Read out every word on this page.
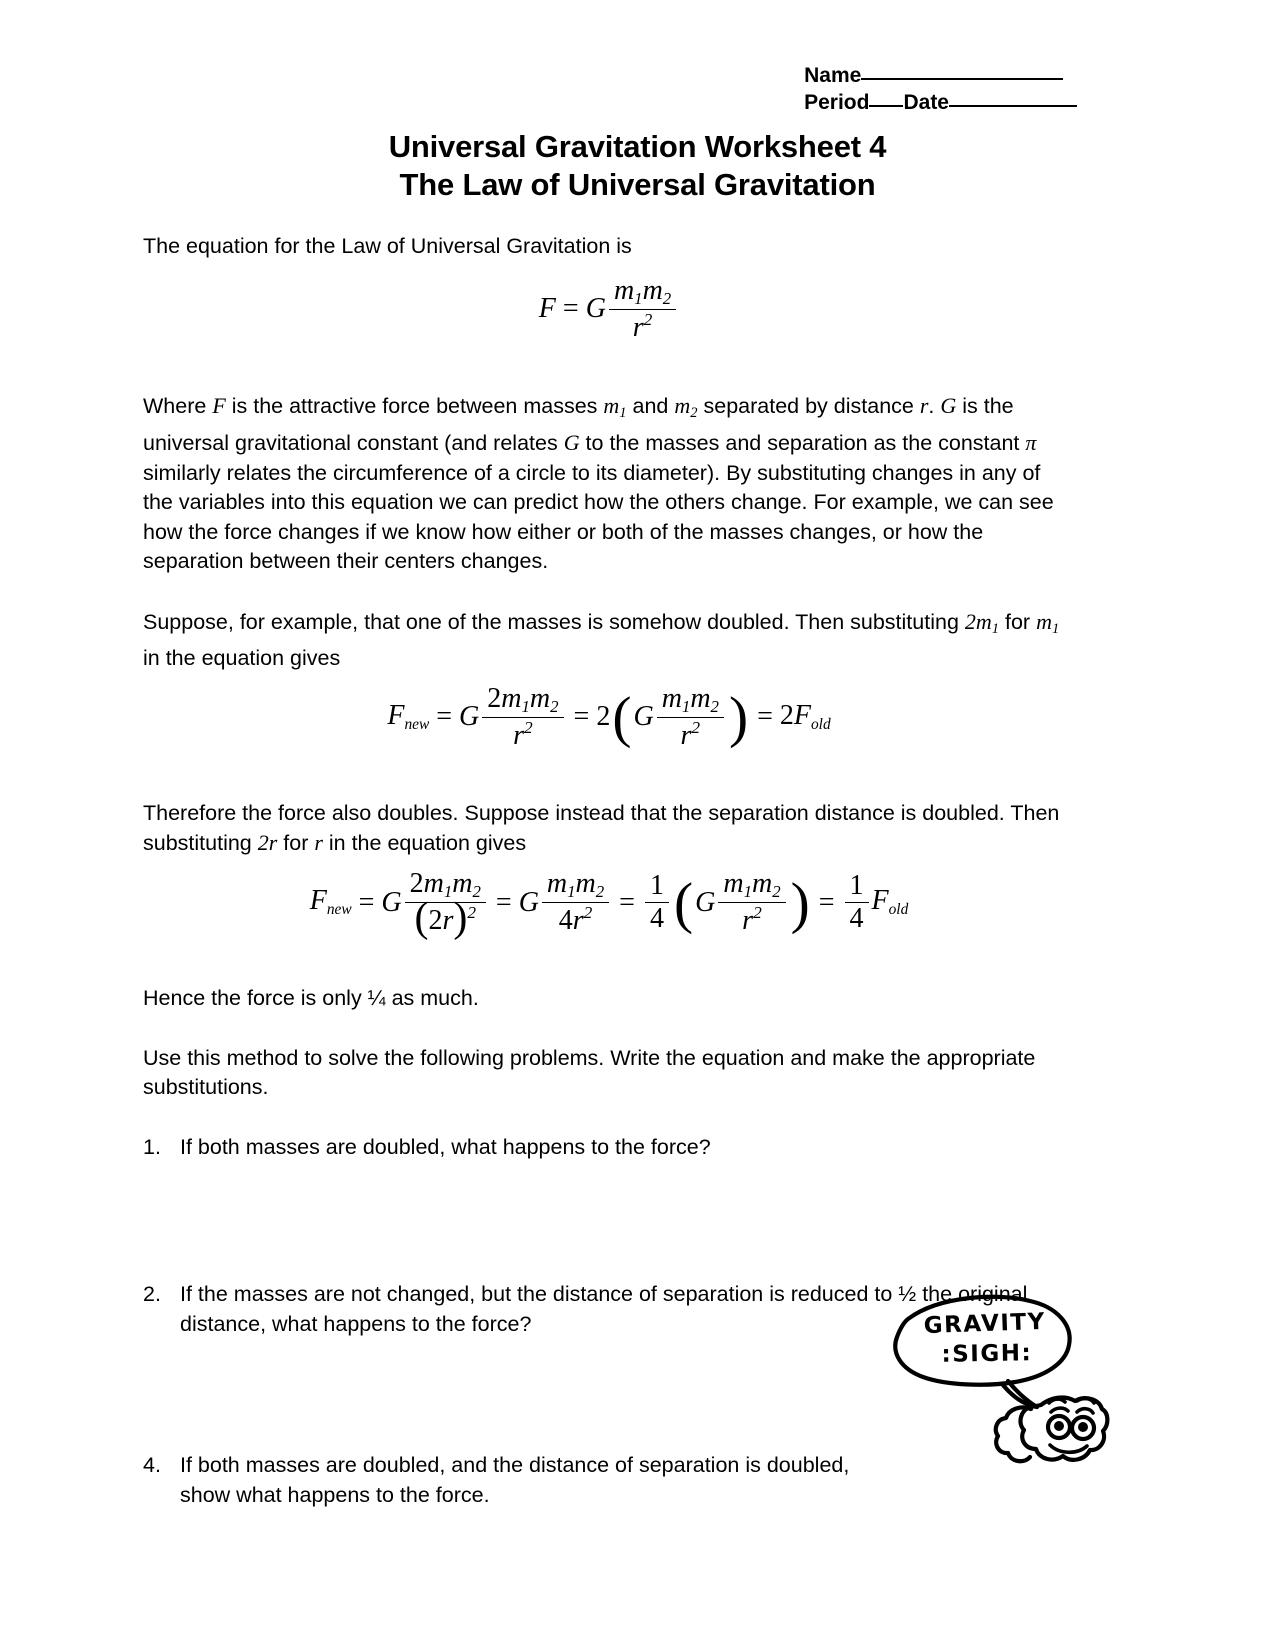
Name
Period Date
Universal Gravitation Worksheet 4
The Law of Universal Gravitation

The equation for the Law of Universal Gravitation is

F = G $\frac{m_1m_2}{r^2}$

Where F is the attractive force between masses $m_1$ and $m_2$ separated by distance r. G is the universal gravitational constant (and relates G to the masses and separation as the constant π similarly relates the circumference of a circle to its diameter). By substituting changes in any of the variables into this equation we can predict how the others change. For example, we can see how the force changes if we know how either or both of the masses changes, or how the separation between their centers changes.

Suppose, for example, that one of the masses is somehow doubled. Then substituting $2m_1$ for $m_1$ in the equation gives

$F_{new} = G \frac{2m_1m_2}{r^2} = 2$ ( G $\frac{m_1m_2}{r^2}$ ) = $2F_{old}$

Therefore the force also doubles. Suppose instead that the separation distance is doubled. Then substituting 2r for r in the equation gives

$F_{new} = G \frac{2m_1m_2}{(2r)^2} = G \frac{m_1m_2}{4r^2} = \frac{1}{4}$ ( G $\frac{m_1m_2}{r^2}$ ) = $\frac{1}{4} F_{old}$

Hence the force is only ¼ as much.

Use this method to solve the following problems. Write the equation and make the appropriate substitutions.

1. If both masses are doubled, what happens to the force?
2. If the masses are not changed, but the distance of separation is reduced to ½ the original distance, what happens to the force?
4. If both masses are doubled, and the distance of separation is doubled, show what happens to the force.
GRAVITY
:SIGH:
